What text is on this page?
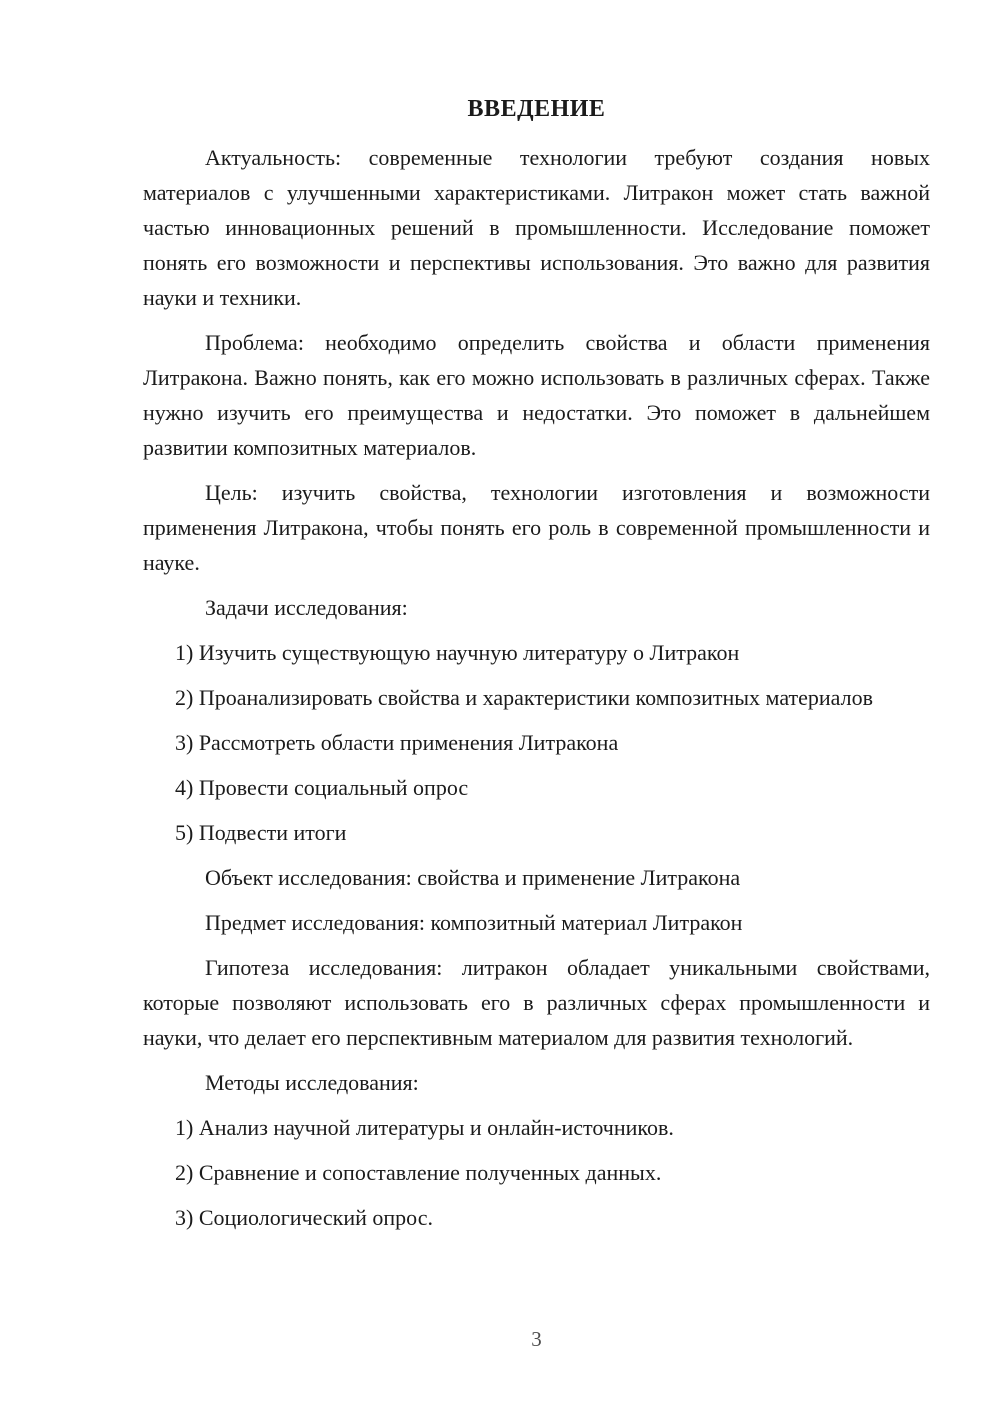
ВВЕДЕНИЕ

Актуальность: современные технологии требуют создания новых материалов с улучшенными характеристиками. Литракон может стать важной частью инновационных решений в промышленности. Исследование поможет понять его возможности и перспективы использования. Это важно для развития науки и техники.

Проблема: необходимо определить свойства и области применения Литракона. Важно понять, как его можно использовать в различных сферах. Также нужно изучить его преимущества и недостатки. Это поможет в дальнейшем развитии композитных материалов.

Цель: изучить свойства, технологии изготовления и возможности применения Литракона, чтобы понять его роль в современной промышленности и науке.

Задачи исследования:

1) Изучить существующую научную литературу о Литракон

2) Проанализировать свойства и характеристики композитных материалов

3) Рассмотреть области применения Литракона

4) Провести социальный опрос

5) Подвести итоги

Объект исследования: свойства и применение Литракона

Предмет исследования: композитный материал Литракон

Гипотеза исследования: литракон обладает уникальными свойствами, которые позволяют использовать его в различных сферах промышленности и науки, что делает его перспективным материалом для развития технологий.

Методы исследования:

1) Анализ научной литературы и онлайн-источников.

2) Сравнение и сопоставление полученных данных.

3) Социологический опрос.

3
